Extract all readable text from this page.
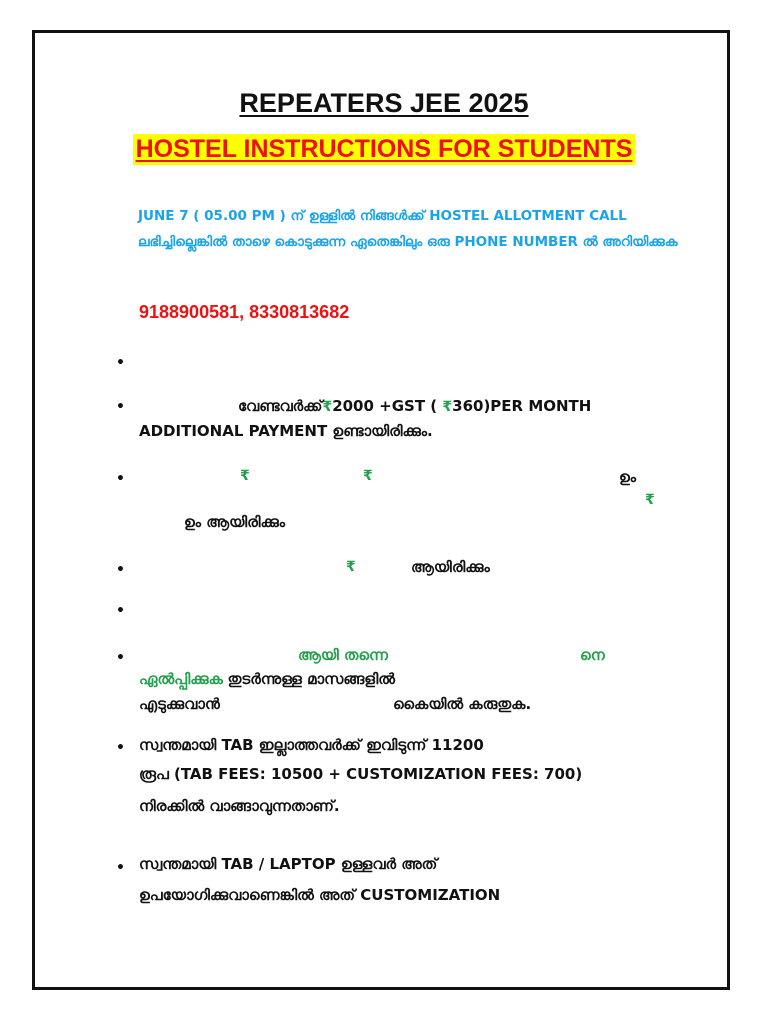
REPEATERS JEE 2025
HOSTEL INSTRUCTIONS FOR STUDENTS
JUNE 7 ( 05.00 PM ) ന് ഉള്ളിൽ നിങ്ങൾക്ക് HOSTEL ALLOTMENT CALL ലഭിച്ചില്ലെങ്കിൽ താഴെ കൊടുക്കുന്ന ഏതെങ്കിലും ഒരു PHONE NUMBER ൽ അറിയിക്കുക
9188900581, 8330813682
•
•	വേണ്ടവർക്ക്₹2000 +GST ( ₹360)PER MONTH
ADDITIONAL PAYMENT ഉണ്ടായിരിക്കും.
•	₹	₹	ഉം
₹
ഉം ആയിരിക്കും
•	₹	ആയിരിക്കും
•
•	ആയി തന്നെ	നെ
ഏൽപ്പിക്കുക തുടർന്നുള്ള മാസങ്ങളിൽ
എടുക്കുവാൻ	കൈയിൽ കരുതുക.
• സ്വന്തമായി TAB ഇല്ലാത്തവർക്ക് ഇവിടുന്ന് 11200
രൂപ (TAB FEES: 10500 + CUSTOMIZATION FEES: 700)
നിരക്കിൽ വാങ്ങാവുന്നതാണ്.
• സ്വന്തമായി TAB / LAPTOP ഉള്ളവർ അത്
ഉപയോഗിക്കുവാണെങ്കിൽ അത് CUSTOMIZATION
